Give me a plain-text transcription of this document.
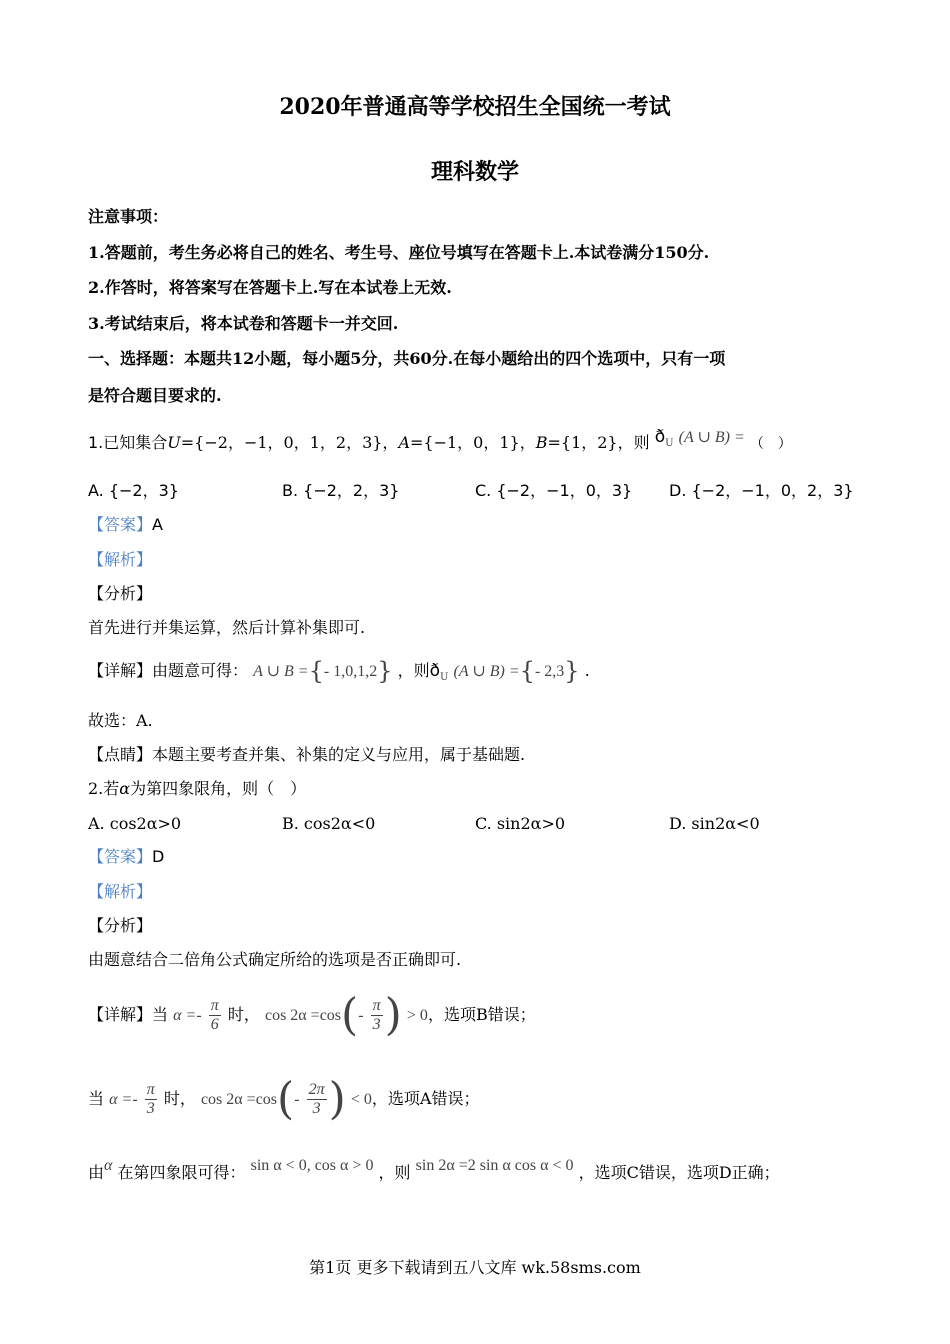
2020年普通高等学校招生全国统一考试
理科数学
注意事项：
1.答题前，考生务必将自己的姓名、考生号、座位号填写在答题卡上.本试卷满分150分.
2.作答时，将答案写在答题卡上.写在本试卷上无效.
3.考试结束后，将本试卷和答题卡一并交回.
一、选择题：本题共12小题，每小题5分，共60分.在每小题给出的四个选项中，只有一项
是符合题目要求的.
1.已知集合U={−2，−1，0，1，2，3}，A={−1，0，1}，B={1，2}，则 $ð_U$ (A ∪ B) = （　）
A. {−2，3}	B. {−2，2，3}	C. {−2，−1，0，3} D. {−2，−1，0，2，3}
【答案】A
【解析】
【分析】
首先进行并集运算，然后计算补集即可.
【详解】由题意可得： A ∪ B ={- 1,0,1,2} ，则$ð_U$ (A ∪ B) ={- 2,3} .
故选：A.
【点睛】本题主要考查并集、补集的定义与应用，属于基础题.
2.若α为第四象限角，则（　）
A. cos2α>0	B. cos2α<0	C. sin2α>0	D. sin2α<0
【答案】D
【解析】
【分析】
由题意结合二倍角公式确定所给的选项是否正确即可.
【详解】当 $\alpha =- \frac{\pi}{6}$ 时， $\cos 2\alpha =\cos(- \frac{\pi}{3}$ ) > 0，选项B错误；
当 $\alpha =- \frac{\pi}{3}$ 时， $\cos 2\alpha =\cos(- \frac{2\pi}{3}$ ) < 0，选项A错误；
由α 在第四象限可得： sin α < 0, cos α > 0 ，则 sin 2α =2 sin α cos α < 0 ，选项C错误，选项D正确；
第1页 更多下载请到五八文库 wk.58sms.com
